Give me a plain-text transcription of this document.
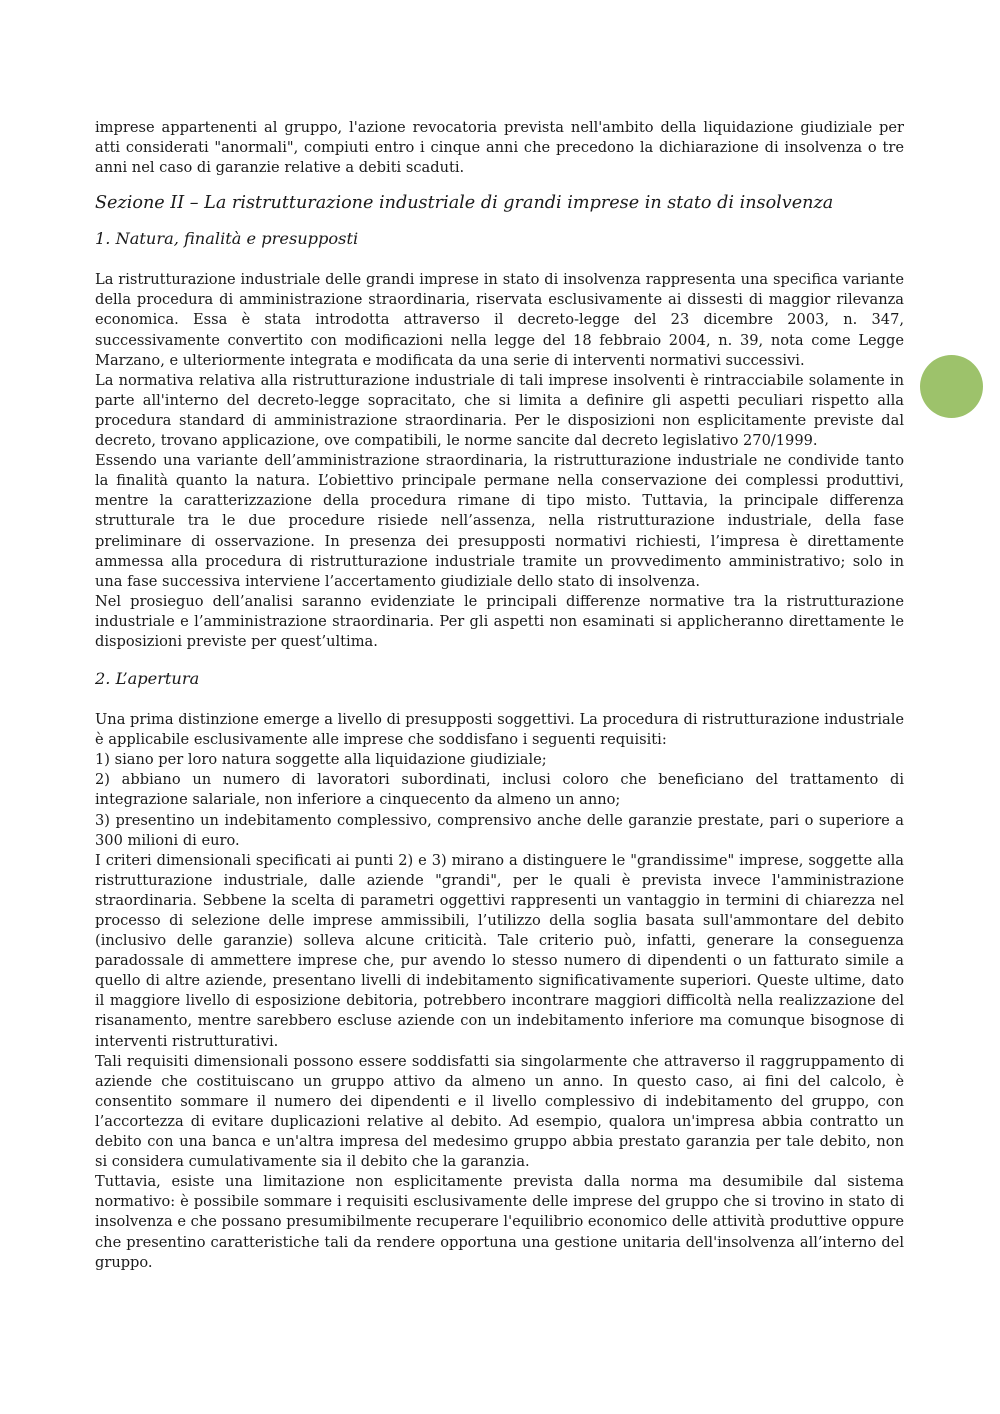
imprese appartenenti al gruppo, l'azione revocatoria prevista nell'ambito della liquidazione giudiziale per atti considerati "anormali", compiuti entro i cinque anni che precedono la dichiarazione di insolvenza o tre anni nel caso di garanzie relative a debiti scaduti.

Sezione II – La ristrutturazione industriale di grandi imprese in stato di insolvenza
1. Natura, finalità e presupposti

La ristrutturazione industriale delle grandi imprese in stato di insolvenza rappresenta una specifica variante della procedura di amministrazione straordinaria, riservata esclusivamente ai dissesti di maggior rilevanza economica. Essa è stata introdotta attraverso il decreto-legge del 23 dicembre 2003, n. 347, successivamente convertito con modificazioni nella legge del 18 febbraio 2004, n. 39, nota come Legge Marzano, e ulteriormente integrata e modificata da una serie di interventi normativi successivi.

La normativa relativa alla ristrutturazione industriale di tali imprese insolventi è rintracciabile solamente in parte all'interno del decreto-legge sopracitato, che si limita a definire gli aspetti peculiari rispetto alla procedura standard di amministrazione straordinaria. Per le disposizioni non esplicitamente previste dal decreto, trovano applicazione, ove compatibili, le norme sancite dal decreto legislativo 270/1999.

Essendo una variante dell’amministrazione straordinaria, la ristrutturazione industriale ne condivide tanto la finalità quanto la natura. L’obiettivo principale permane nella conservazione dei complessi produttivi, mentre la caratterizzazione della procedura rimane di tipo misto. Tuttavia, la principale differenza strutturale tra le due procedure risiede nell’assenza, nella ristrutturazione industriale, della fase preliminare di osservazione. In presenza dei presupposti normativi richiesti, l’impresa è direttamente ammessa alla procedura di ristrutturazione industriale tramite un provvedimento amministrativo; solo in una fase successiva interviene l’accertamento giudiziale dello stato di insolvenza.

Nel prosieguo dell’analisi saranno evidenziate le principali differenze normative tra la ristrutturazione industriale e l’amministrazione straordinaria. Per gli aspetti non esaminati si applicheranno direttamente le disposizioni previste per quest’ultima.

2. L’apertura

Una prima distinzione emerge a livello di presupposti soggettivi. La procedura di ristrutturazione industriale è applicabile esclusivamente alle imprese che soddisfano i seguenti requisiti:

1) siano per loro natura soggette alla liquidazione giudiziale;

2) abbiano un numero di lavoratori subordinati, inclusi coloro che beneficiano del trattamento di integrazione salariale, non inferiore a cinquecento da almeno un anno;

3) presentino un indebitamento complessivo, comprensivo anche delle garanzie prestate, pari o superiore a 300 milioni di euro.

I criteri dimensionali specificati ai punti 2) e 3) mirano a distinguere le "grandissime" imprese, soggette alla ristrutturazione industriale, dalle aziende "grandi", per le quali è prevista invece l'amministrazione straordinaria. Sebbene la scelta di parametri oggettivi rappresenti un vantaggio in termini di chiarezza nel processo di selezione delle imprese ammissibili, l’utilizzo della soglia basata sull'ammontare del debito (inclusivo delle garanzie) solleva alcune criticità. Tale criterio può, infatti, generare la conseguenza paradossale di ammettere imprese che, pur avendo lo stesso numero di dipendenti o un fatturato simile a quello di altre aziende, presentano livelli di indebitamento significativamente superiori. Queste ultime, dato il maggiore livello di esposizione debitoria, potrebbero incontrare maggiori difficoltà nella realizzazione del risanamento, mentre sarebbero escluse aziende con un indebitamento inferiore ma comunque bisognose di interventi ristrutturativi.

Tali requisiti dimensionali possono essere soddisfatti sia singolarmente che attraverso il raggruppamento di aziende che costituiscano un gruppo attivo da almeno un anno. In questo caso, ai fini del calcolo, è consentito sommare il numero dei dipendenti e il livello complessivo di indebitamento del gruppo, con l’accortezza di evitare duplicazioni relative al debito. Ad esempio, qualora un'impresa abbia contratto un debito con una banca e un'altra impresa del medesimo gruppo abbia prestato garanzia per tale debito, non si considera cumulativamente sia il debito che la garanzia.

Tuttavia, esiste una limitazione non esplicitamente prevista dalla norma ma desumibile dal sistema normativo: è possibile sommare i requisiti esclusivamente delle imprese del gruppo che si trovino in stato di insolvenza e che possano presumibilmente recuperare l'equilibrio economico delle attività produttive oppure che presentino caratteristiche tali da rendere opportuna una gestione unitaria dell'insolvenza all’interno del gruppo.
